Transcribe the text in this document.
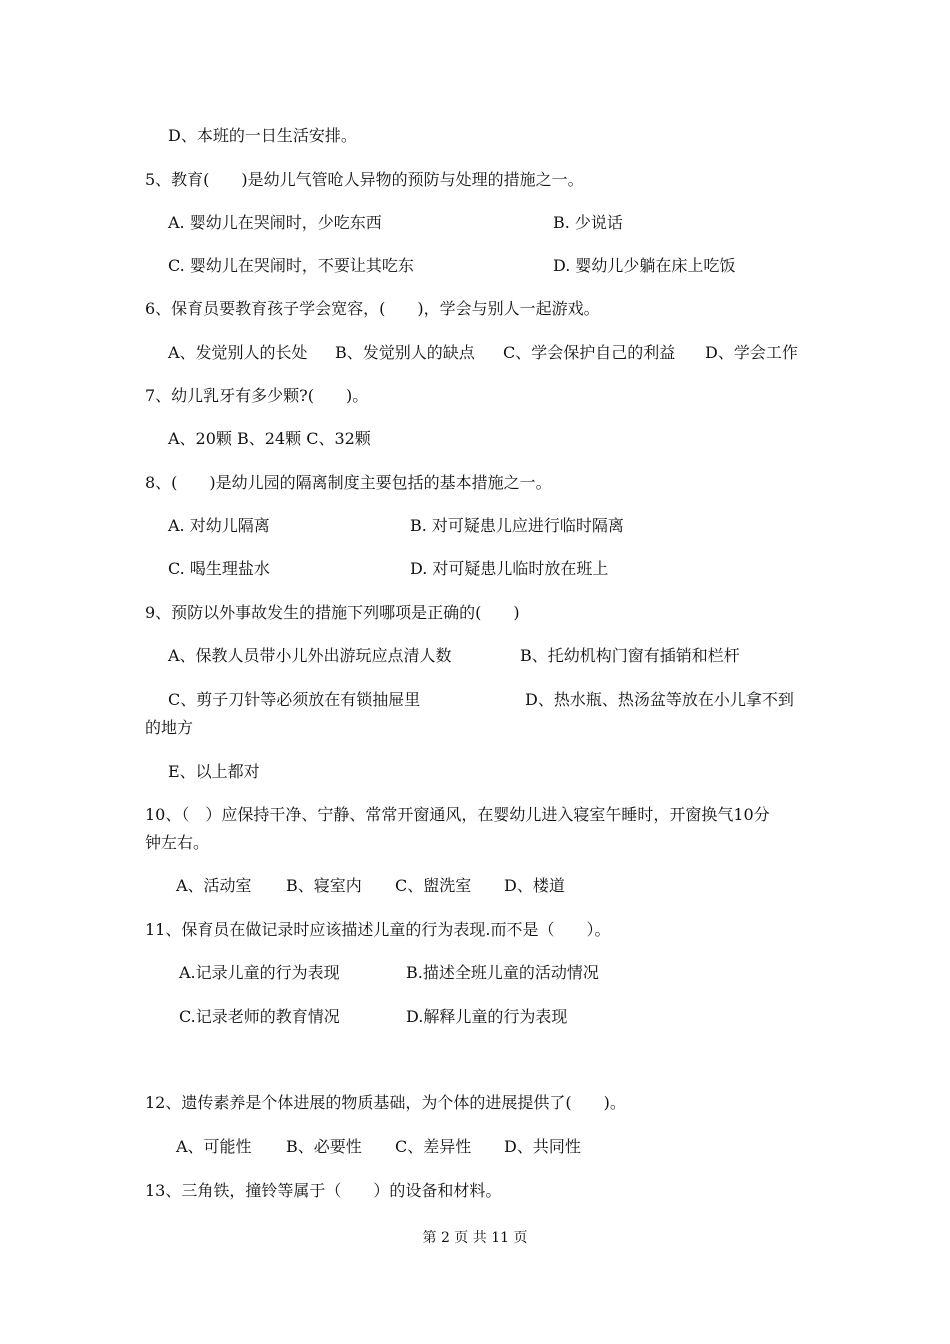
D、本班的一日生活安排。
5、教育(　　)是幼儿气管呛人异物的预防与处理的措施之一。
A. 婴幼儿在哭闹时，少吃东西	B. 少说话
C. 婴幼儿在哭闹时，不要让其吃东	D. 婴幼儿少躺在床上吃饭
6、保育员要教育孩子学会宽容，(　　)，学会与别人一起游戏。
A、发觉别人的长处 B、发觉别人的缺点 C、学会保护自己的利益 D、学会工作
7、幼儿乳牙有多少颗?(　　)。
A、20颗 B、24颗 C、32颗
8、(　　)是幼儿园的隔离制度主要包括的基本措施之一。
A. 对幼儿隔离	B. 对可疑患儿应进行临时隔离
C. 喝生理盐水	D. 对可疑患儿临时放在班上
9、预防以外事故发生的措施下列哪项是正确的(　　)
A、保教人员带小儿外出游玩应点清人数	B、托幼机构门窗有插销和栏杆
C、剪子刀针等必须放在有锁抽屉里	D、热水瓶、热汤盆等放在小儿拿不到
的地方
E、以上都对
10、（　）应保持干净、宁静、常常开窗通风，在婴幼儿进入寝室午睡时，开窗换气10分
钟左右。
A、活动室 B、寝室内 C、盥洗室 D、楼道
11、保育员在做记录时应该描述儿童的行为表现.而不是（　　）。
A.记录儿童的行为表现	B.描述全班儿童的活动情况
C.记录老师的教育情况	D.解释儿童的行为表现
12、遗传素养是个体进展的物质基础，为个体的进展提供了(　　)。
A、可能性 B、必要性 C、差异性 D、共同性
13、三角铁，撞铃等属于（　　）的设备和材料。
第 2 页 共 11 页
